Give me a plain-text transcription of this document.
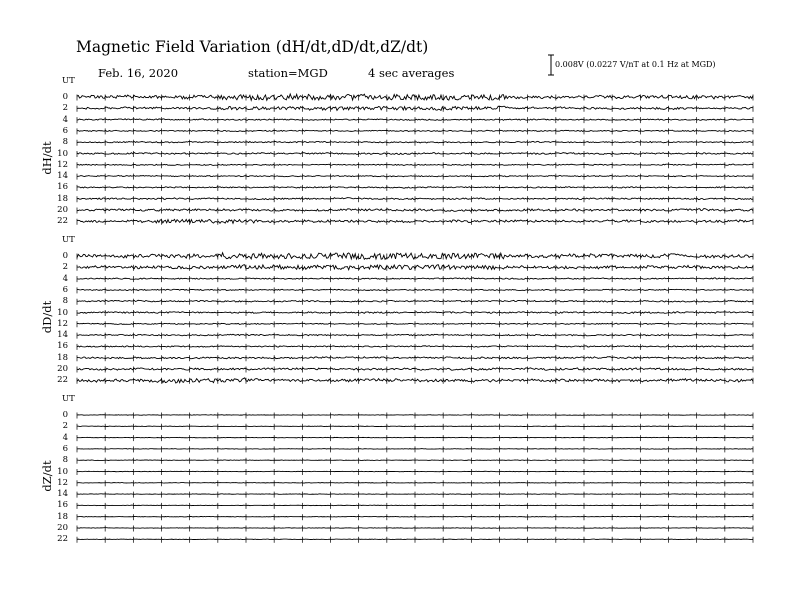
Magnetic Field Variation (dH/dt,dD/dt,dZ/dt)
Feb. 16, 2020	station=MGD	4 sec averages
0.008V (0.0227 V/nT at 0.1 Hz at MGD)
UT
dH/dt
0
2
4
6
8
10
12
14
16
18
20
22
UT
dD/dt
0
2
4
6
8
10
12
14
16
18
20
22
UT
dZ/dt
0
2
4
6
8
10
12
14
16
18
20
22
